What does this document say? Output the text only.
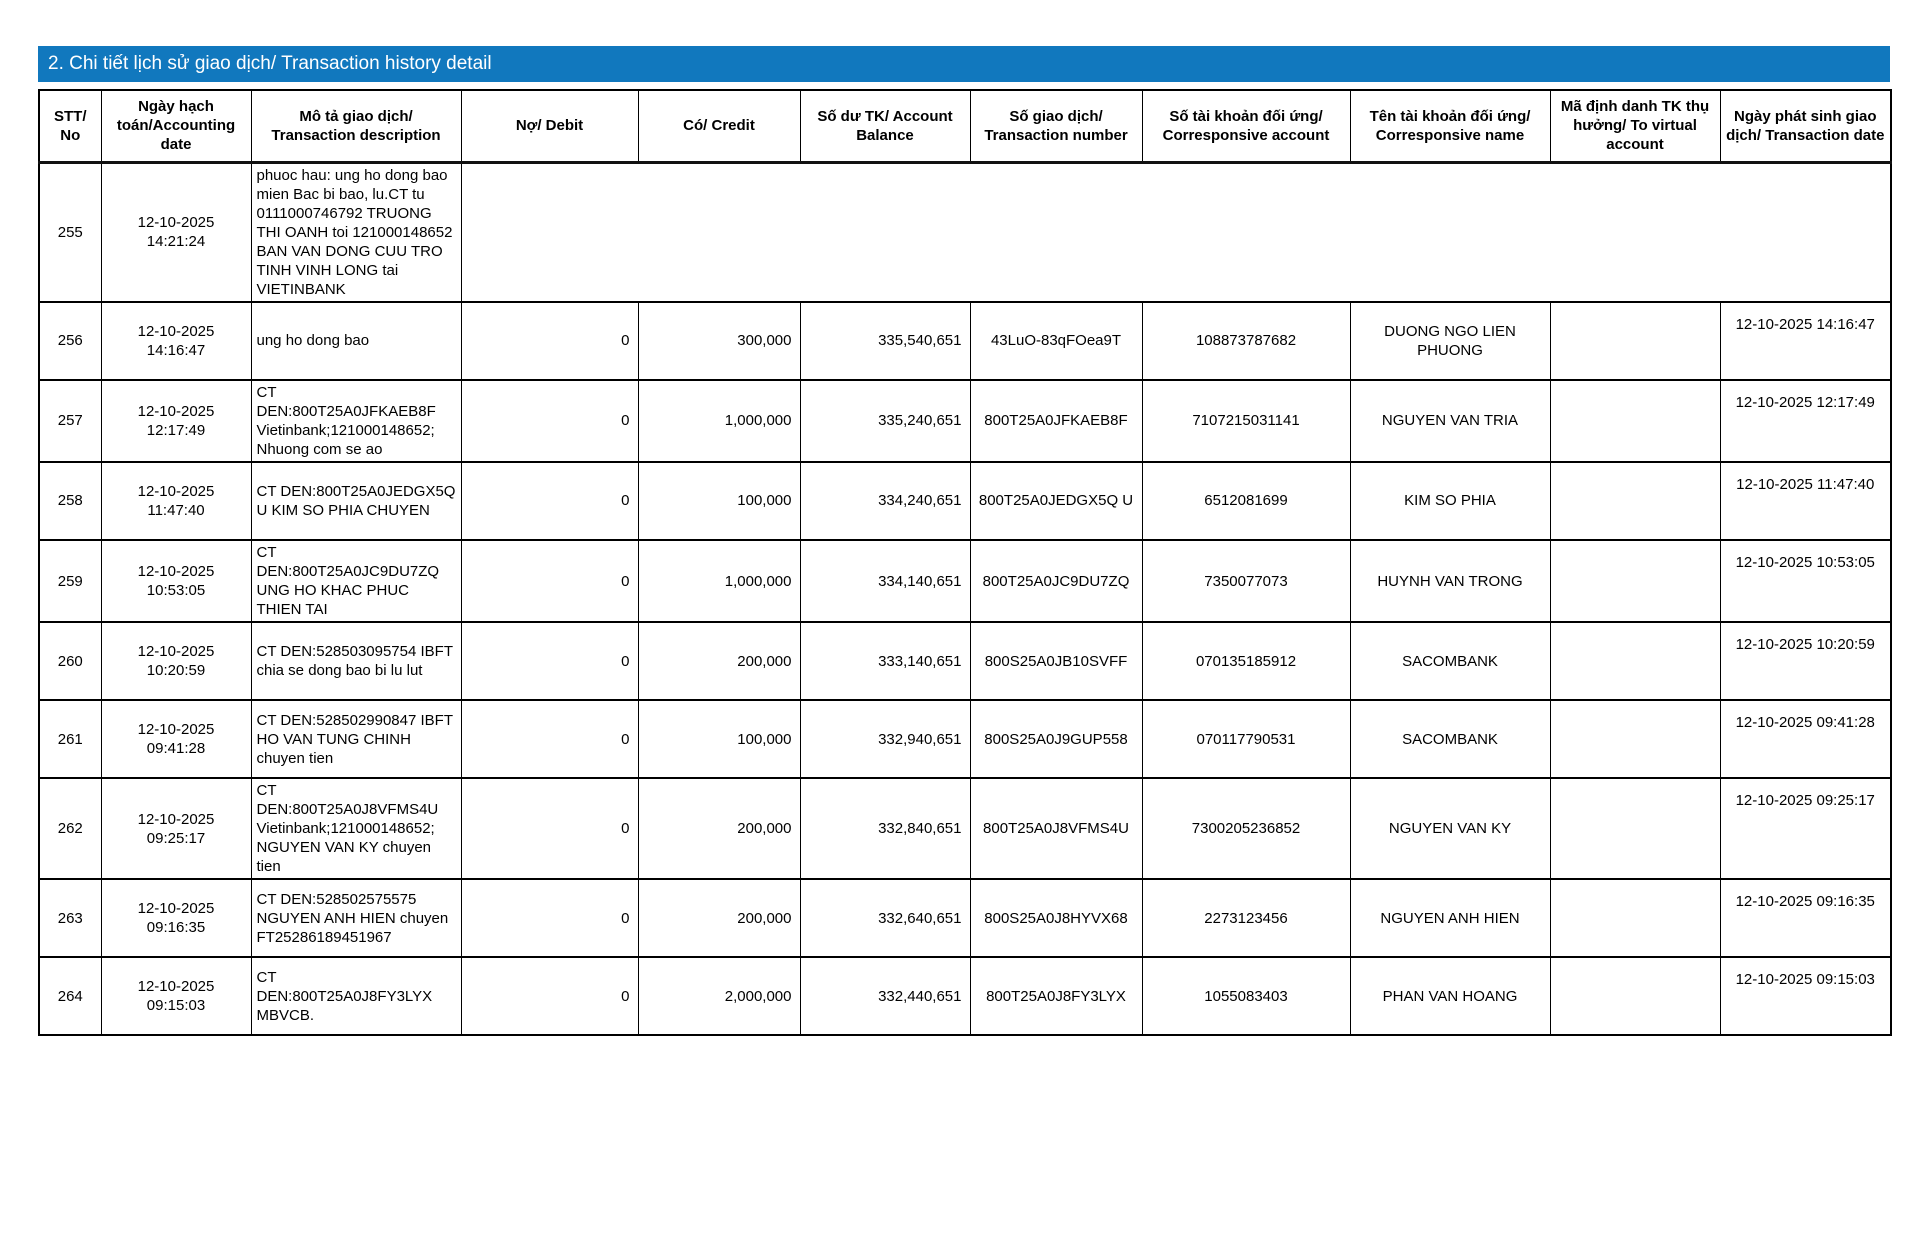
2. Chi tiết lịch sử giao dịch/ Transaction history detail
STT/ No	Ngày hạch toán/Accounting date	Mô tả giao dịch/ Transaction description	Nợ/ Debit	Có/ Credit	Số dư TK/ Account Balance	Số giao dịch/ Transaction number	Số tài khoản đối ứng/ Corresponsive account	Tên tài khoản đối ứng/ Corresponsive name	Mã định danh TK thụ hưởng/ To virtual account	Ngày phát sinh giao dịch/ Transaction date
255	12-10-2025 14:21:24	phuoc hau: ung ho dong bao mien Bac bi bao, lu.CT tu 0111000746792 TRUONG THI OANH toi 121000148652 BAN VAN DONG CUU TRO TINH VINH LONG tai VIETINBANK								
256	12-10-2025 14:16:47	ung ho dong bao	0	300,000	335,540,651	43LuO-83qFOea9T	108873787682	DUONG NGO LIEN PHUONG		12-10-2025 14:16:47
257	12-10-2025 12:17:49	CT DEN:800T25A0JFKAEB8F Vietinbank;121000148652; Nhuong com se ao	0	1,000,000	335,240,651	800T25A0JFKAEB8F	7107215031141	NGUYEN VAN TRIA		12-10-2025 12:17:49
258	12-10-2025 11:47:40	CT DEN:800T25A0JEDGX5Q U KIM SO PHIA CHUYEN	0	100,000	334,240,651	800T25A0JEDGX5Q U	6512081699	KIM SO PHIA		12-10-2025 11:47:40
259	12-10-2025 10:53:05	CT DEN:800T25A0JC9DU7ZQ UNG HO KHAC PHUC THIEN TAI	0	1,000,000	334,140,651	800T25A0JC9DU7ZQ	7350077073	HUYNH VAN TRONG		12-10-2025 10:53:05
260	12-10-2025 10:20:59	CT DEN:528503095754 IBFT chia se dong bao bi lu lut	0	200,000	333,140,651	800S25A0JB10SVFF	070135185912	SACOMBANK		12-10-2025 10:20:59
261	12-10-2025 09:41:28	CT DEN:528502990847 IBFT HO VAN TUNG CHINH chuyen tien	0	100,000	332,940,651	800S25A0J9GUP558	070117790531	SACOMBANK		12-10-2025 09:41:28
262	12-10-2025 09:25:17	CT DEN:800T25A0J8VFMS4U Vietinbank;121000148652; NGUYEN VAN KY chuyen tien	0	200,000	332,840,651	800T25A0J8VFMS4U	7300205236852	NGUYEN VAN KY		12-10-2025 09:25:17
263	12-10-2025 09:16:35	CT DEN:528502575575 NGUYEN ANH HIEN chuyen FT25286189451967	0	200,000	332,640,651	800S25A0J8HYVX68	2273123456	NGUYEN ANH HIEN		12-10-2025 09:16:35
264	12-10-2025 09:15:03	CT DEN:800T25A0J8FY3LYX MBVCB.	0	2,000,000	332,440,651	800T25A0J8FY3LYX	1055083403	PHAN VAN HOANG		12-10-2025 09:15:03
